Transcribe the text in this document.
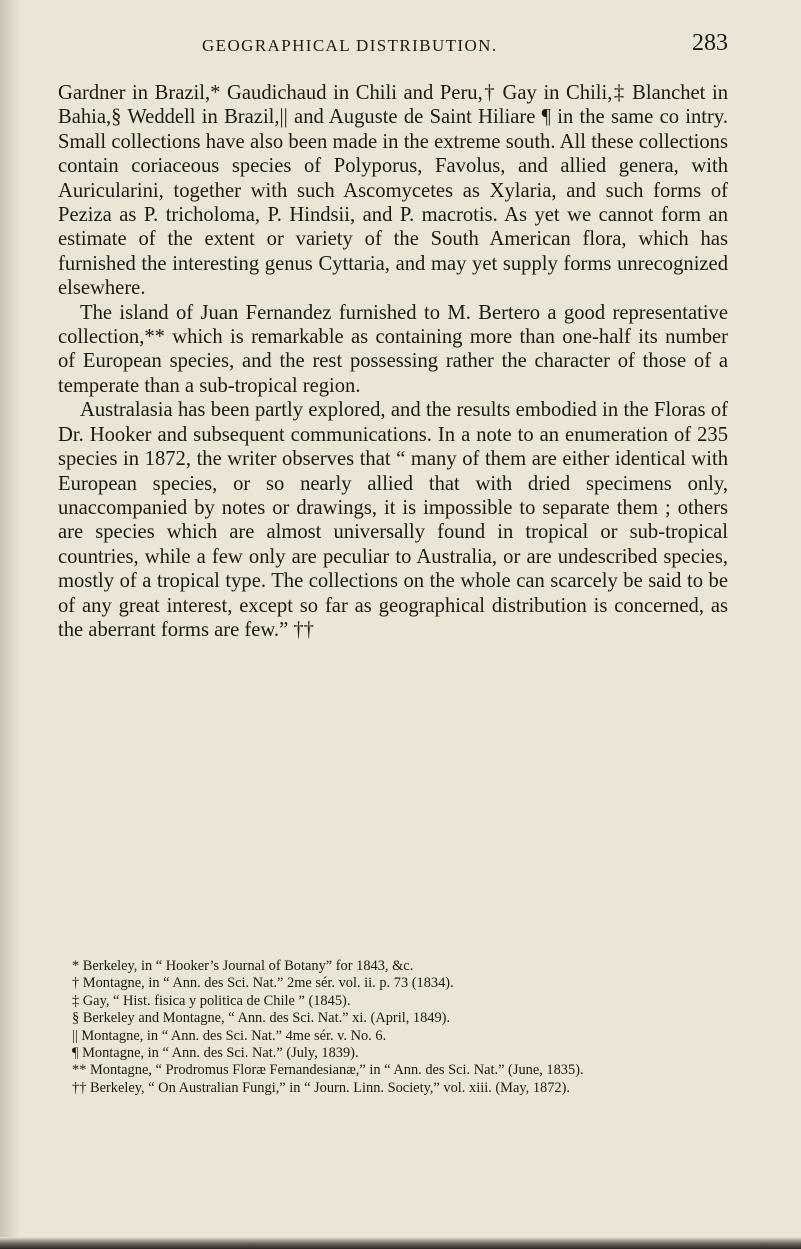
GEOGRAPHICAL DISTRIBUTION.	283

Gardner in Brazil,* Gaudichaud in Chili and Peru,† Gay in Chili,‡ Blanchet in Bahia,§ Weddell in Brazil,|| and Auguste de Saint Hiliare ¶ in the same co intry. Small collections have also been made in the extreme south. All these collections contain coriaceous species of Polyporus, Favolus, and allied genera, with Auricularini, together with such Ascomycetes as Xylaria, and such forms of Peziza as P. tricholoma, P. Hindsii, and P. macrotis. As yet we cannot form an estimate of the extent or variety of the South American flora, which has furnished the interesting genus Cyttaria, and may yet supply forms unrecognized elsewhere.

The island of Juan Fernandez furnished to M. Bertero a good representative collection,** which is remarkable as containing more than one-half its number of European species, and the rest possessing rather the character of those of a temperate than a sub-tropical region.

Australasia has been partly explored, and the results embodied in the Floras of Dr. Hooker and subsequent communications. In a note to an enumeration of 235 species in 1872, the writer observes that “ many of them are either identical with European species, or so nearly allied that with dried specimens only, unaccompanied by notes or drawings, it is impossible to separate them ; others are species which are almost universally found in tropical or sub-tropical countries, while a few only are peculiar to Australia, or are undescribed species, mostly of a tropical type. The collections on the whole can scarcely be said to be of any great interest, except so far as geographical distribution is concerned, as the aberrant forms are few.” ††

* Berkeley, in “ Hooker’s Journal of Botany” for 1843, &c.

† Montagne, in “ Ann. des Sci. Nat.” 2me sér. vol. ii. p. 73 (1834).

‡ Gay, “ Hist. fisica y politica de Chile ” (1845).

§ Berkeley and Montagne, “ Ann. des Sci. Nat.” xi. (April, 1849).

|| Montagne, in “ Ann. des Sci. Nat.” 4me sér. v. No. 6.

¶ Montagne, in “ Ann. des Sci. Nat.” (July, 1839).

** Montagne, “ Prodromus Floræ Fernandesianæ,” in “ Ann. des Sci. Nat.” (June, 1835).

†† Berkeley, “ On Australian Fungi,” in “ Journ. Linn. Society,” vol. xiii. (May, 1872).
